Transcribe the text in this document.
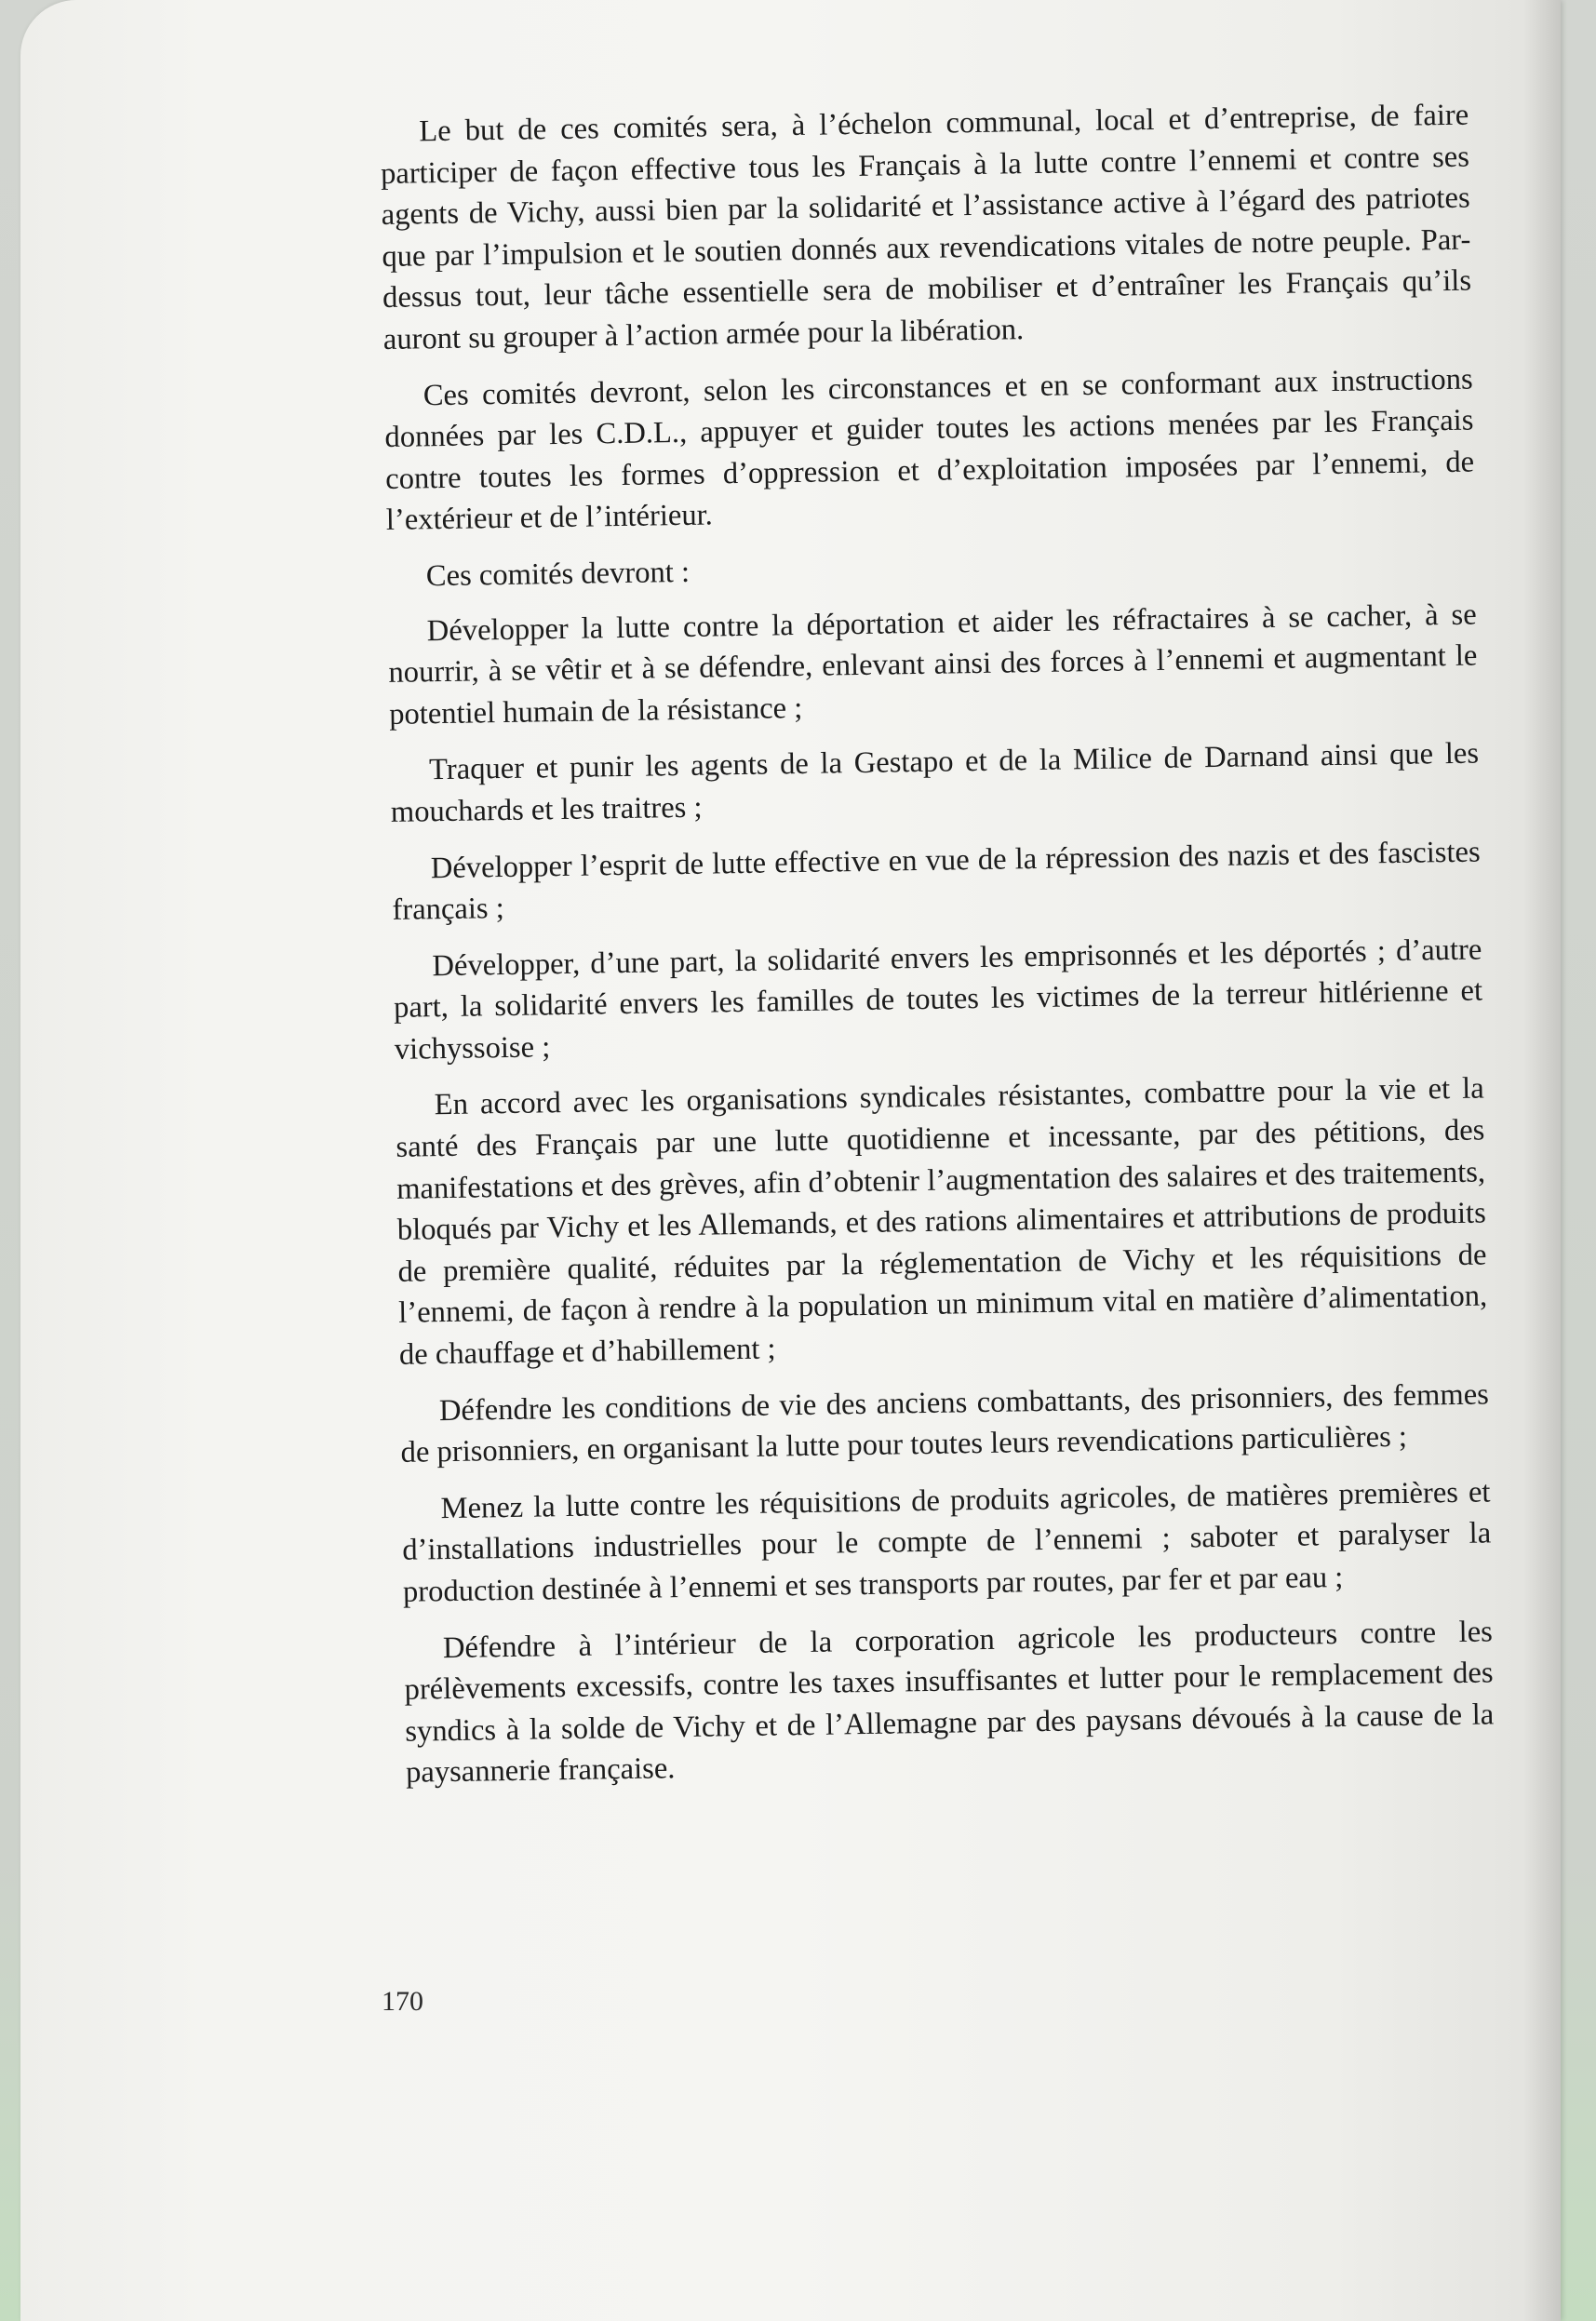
Le but de ces comités sera, à l’échelon communal, local et d’entreprise, de faire participer de façon effective tous les Français à la lutte contre l’ennemi et contre ses agents de Vichy, aussi bien par la solidarité et l’assistance active à l’égard des patriotes que par l’impulsion et le soutien donnés aux revendications vitales de notre peuple. Par-dessus tout, leur tâche essentielle sera de mobiliser et d’entraîner les Français qu’ils auront su grouper à l’action armée pour la libération.

Ces comités devront, selon les circonstances et en se conformant aux instructions données par les C.D.L., appuyer et guider toutes les actions menées par les Français contre toutes les formes d’oppression et d’exploitation imposées par l’ennemi, de l’extérieur et de l’intérieur.

Ces comités devront :

Développer la lutte contre la déportation et aider les réfractaires à se cacher, à se nourrir, à se vêtir et à se défendre, enlevant ainsi des forces à l’ennemi et augmentant le potentiel humain de la résistance ;

Traquer et punir les agents de la Gestapo et de la Milice de Darnand ainsi que les mouchards et les traitres ;

Développer l’esprit de lutte effective en vue de la répression des nazis et des fascistes français ;

Développer, d’une part, la solidarité envers les emprisonnés et les déportés ; d’autre part, la solidarité envers les familles de toutes les victimes de la terreur hitlérienne et vichyssoise ;

En accord avec les organisations syndicales résistantes, combattre pour la vie et la santé des Français par une lutte quotidienne et incessante, par des pétitions, des manifestations et des grèves, afin d’obtenir l’augmentation des salaires et des traitements, bloqués par Vichy et les Allemands, et des rations alimentaires et attributions de produits de première qualité, réduites par la réglementation de Vichy et les réquisitions de l’ennemi, de façon à rendre à la population un minimum vital en matière d’alimentation, de chauffage et d’habillement ;

Défendre les conditions de vie des anciens combattants, des prisonniers, des femmes de prisonniers, en organisant la lutte pour toutes leurs revendications particulières ;

Menez la lutte contre les réquisitions de produits agricoles, de matières premières et d’installations industrielles pour le compte de l’ennemi ; saboter et paralyser la production destinée à l’ennemi et ses transports par routes, par fer et par eau ;

Défendre à l’intérieur de la corporation agricole les producteurs contre les prélèvements excessifs, contre les taxes insuffisantes et lutter pour le remplacement des syndics à la solde de Vichy et de l’Allemagne par des paysans dévoués à la cause de la paysannerie française.

170
